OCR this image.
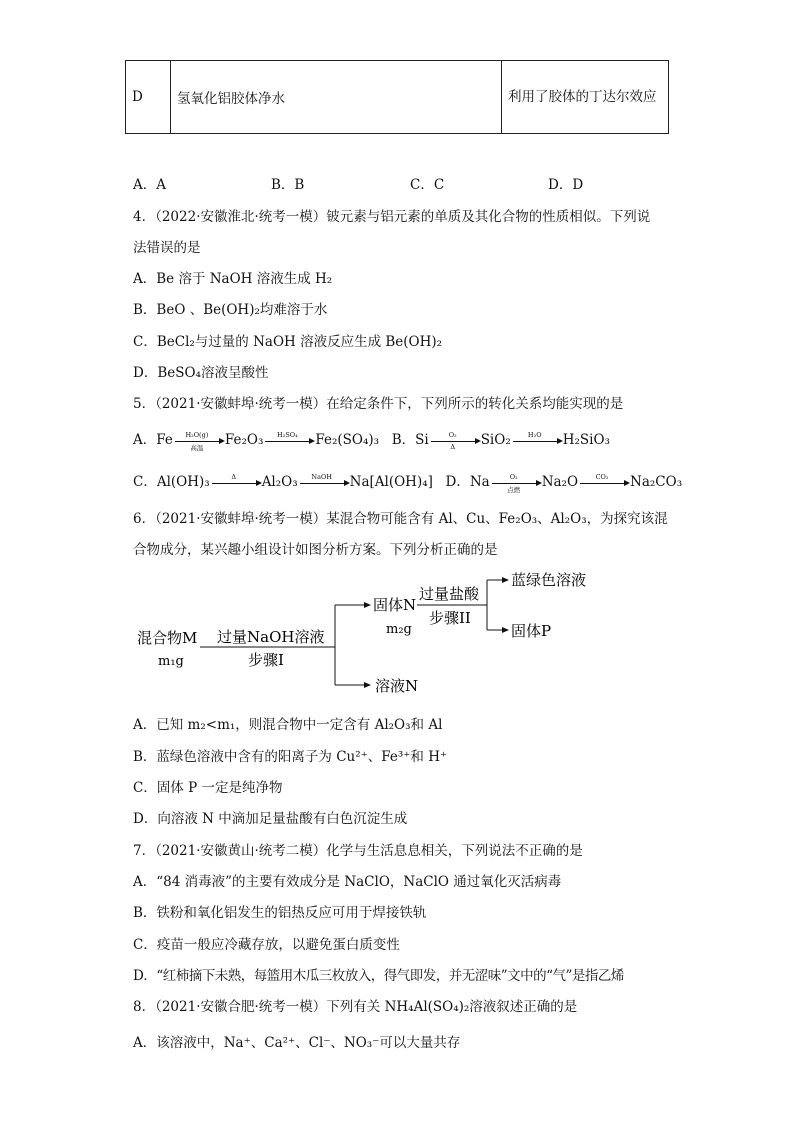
D	氢氧化铝胶体净水	利用了胶体的丁达尔效应
A．A	B．B	C．C	D．D
4．（2022·安徽淮北·统考一模）铍元素与铝元素的单质及其化合物的性质相似。下列说
法错误的是
A．Be 溶于 NaOH 溶液生成 H₂
B．BeO 、Be(OH)₂均难溶于水
C．BeCl₂与过量的 NaOH 溶液反应生成 Be(OH)₂
D．BeSO₄溶液呈酸性
5．（2021·安徽蚌埠·统考一模）在给定条件下，下列所示的转化关系均能实现的是
A．Fe	H₂O(g)
高温	Fe₂O₃	H₂SO₄	Fe₂(SO₄)₃ B．Si $\frac{\text{O₂}}{\Delta} SiO_2$	H₂O	H₂SiO₃
C．Al(OH)₃	Δ	Al₂O₃	NaOH	Na[Al(OH)₄] D．Na	O₂
点燃	Na₂O	CO₂	Na₂CO₃
6．（2021·安徽蚌埠·统考一模）某混合物可能含有 Al、Cu、Fe₂O₃、Al₂O₃，为探究该混
合物成分，某兴趣小组设计如图分析方案。下列分析正确的是
混合物M
m₁g
过量NaOH溶液
步骤I
固体N
m₂g
溶液N
过量盐酸
步骤II
蓝绿色溶液
固体P
A．已知 m₂<m₁，则混合物中一定含有 Al₂O₃和 Al
B．蓝绿色溶液中含有的阳离子为 Cu²⁺、Fe³⁺和 H⁺
C．固体 P 一定是纯净物
D．向溶液 N 中滴加足量盐酸有白色沉淀生成
7．（2021·安徽黄山·统考二模）化学与生活息息相关，下列说法不正确的是
A．“84 消毒液”的主要有效成分是 NaClO，NaClO 通过氧化灭活病毒
B．铁粉和氧化铝发生的铝热反应可用于焊接铁轨
C．疫苗一般应冷藏存放，以避免蛋白质变性
D．“红柿摘下未熟，每篮用木瓜三枚放入，得气即发，并无涩味”文中的“气”是指乙烯
8．（2021·安徽合肥·统考一模）下列有关 NH₄Al(SO₄)₂溶液叙述正确的是
A．该溶液中，Na⁺、Ca²⁺、Cl⁻、NO₃⁻可以大量共存
